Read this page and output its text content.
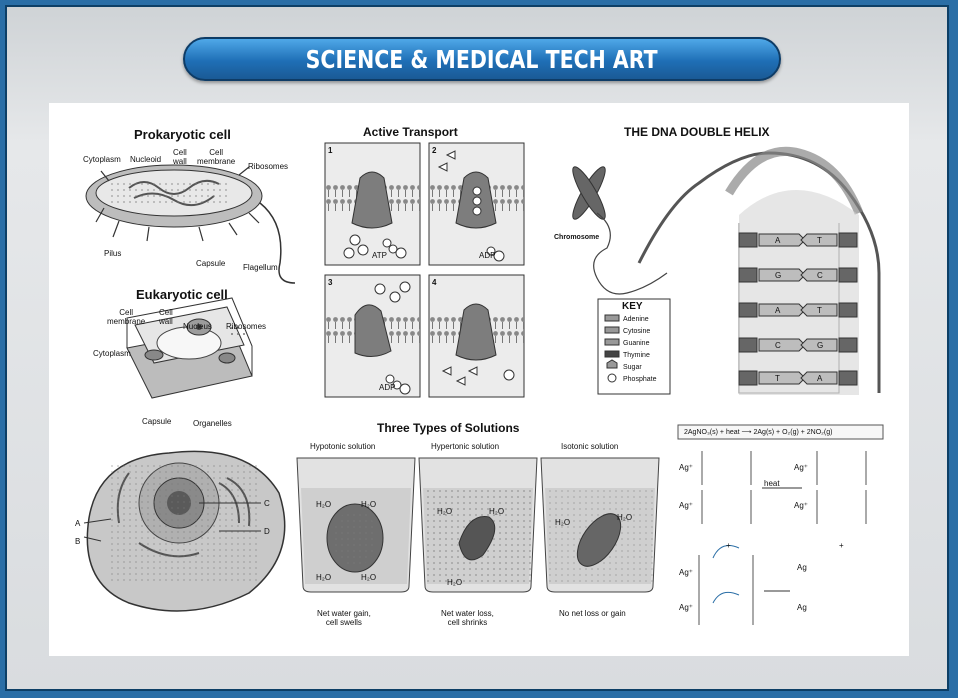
SCIENCE & MEDICAL TECH ART
Prokaryotic cell
Cytoplasm Nucleoid
Cell
wall
Cell
membrane
Ribosomes
Pilus
Capsule Flagellum
Eukaryotic cell
Cell
membrane
Cell
wall
Nucleus Ribosomes
Cytoplasm
Capsule	Organelles
A
B
C
D
Active Transport
1	2
3	4
ATP	ADP
ADP
THE DNA DOUBLE HELIX
Chromosome
KEY
Adenine
Cytosine
Guanine
Thymine
Sugar
Phosphate
A	T
G	C
A	T
C	G
T	A
Three Types of Solutions
Hypotonic solution	Hypertonic solution	Isotonic solution
H₂O	H₂O
H₂O	H₂O
H₂O	H₂O
H₂O
H₂O
H₂O
Net water gain,
cell swells
Net water loss,
cell shrinks
No net loss or gain
2AgNO₃(s) + heat ⟶ 2Ag(s) + O₂(g) + 2NO₂(g)
Ag⁺
Ag⁺
Ag⁺
Ag⁺
heat
Ag⁺
Ag⁺
Ag
Ag
+	+
